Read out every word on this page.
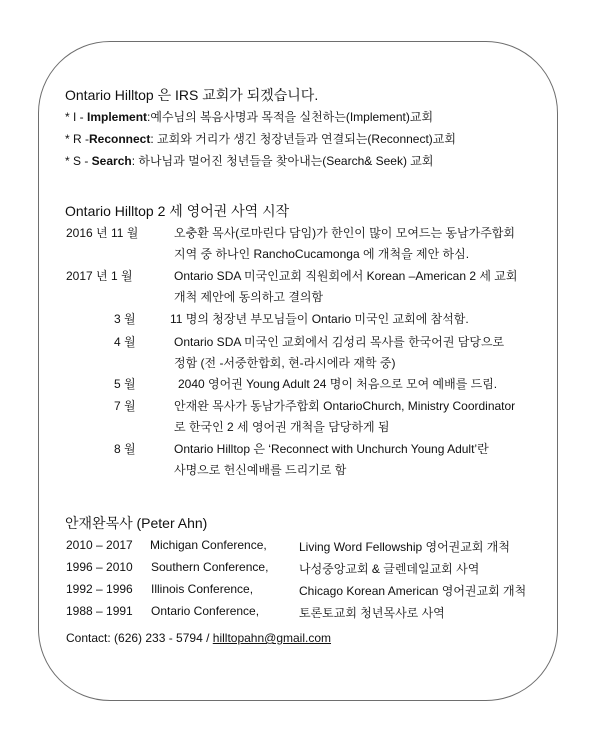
Ontario Hilltop 은 IRS 교회가 되겠습니다.
* I - Implement:예수님의 복음사명과 목적을 실천하는(Implement)교회
* R -Reconnect: 교회와 거리가 생긴 청장년들과 연결되는(Reconnect)교회
* S - Search: 하나님과 멀어진 청년들을 찾아내는(Search& Seek) 교회
Ontario Hilltop 2 세 영어권 사역 시작
2016 년 11 월	오충환 목사(로마린다 담임)가 한인이 많이 모여드는 동남가주합회
지역 중 하나인 RanchoCucamonga 에 개척을 제안 하심.
2017 년 1 월	Ontario SDA 미국인교회 직원회에서 Korean –American 2 세 교회
개척 제안에 동의하고 결의함
3 월	11 명의 청장년 부모님들이 Ontario 미국인 교회에 참석함.
4 월	Ontario SDA 미국인 교회에서 김성리 목사를 한국어권 담당으로
정함 (전 -서중한합회, 현-라시에라 재학 중)
5 월	2040 영어권 Young Adult 24 명이 처음으로 모여 예배를 드림.
7 월	안재완 목사가 동남가주합회 OntarioChurch, Ministry Coordinator
로 한국인 2 세 영어권 개척을 담당하게 됨
8 월	Ontario Hilltop 은 ‘Reconnect with Unchurch Young Adult’란
사명으로 헌신예배를 드리기로 함
안재완목사 (Peter Ahn)
2010 – 2017 Michigan Conference,	Living Word Fellowship 영어권교회 개척
1996 – 2010 Southern Conference,	나성중앙교회 & 글렌데일교회 사역
1992 – 1996 Illinois Conference,	Chicago Korean American 영어권교회 개척
1988 – 1991 Ontario Conference,	토론토교회 청년목사로 사역
Contact: (626) 233 - 5794 / hilltopahn@gmail.com
